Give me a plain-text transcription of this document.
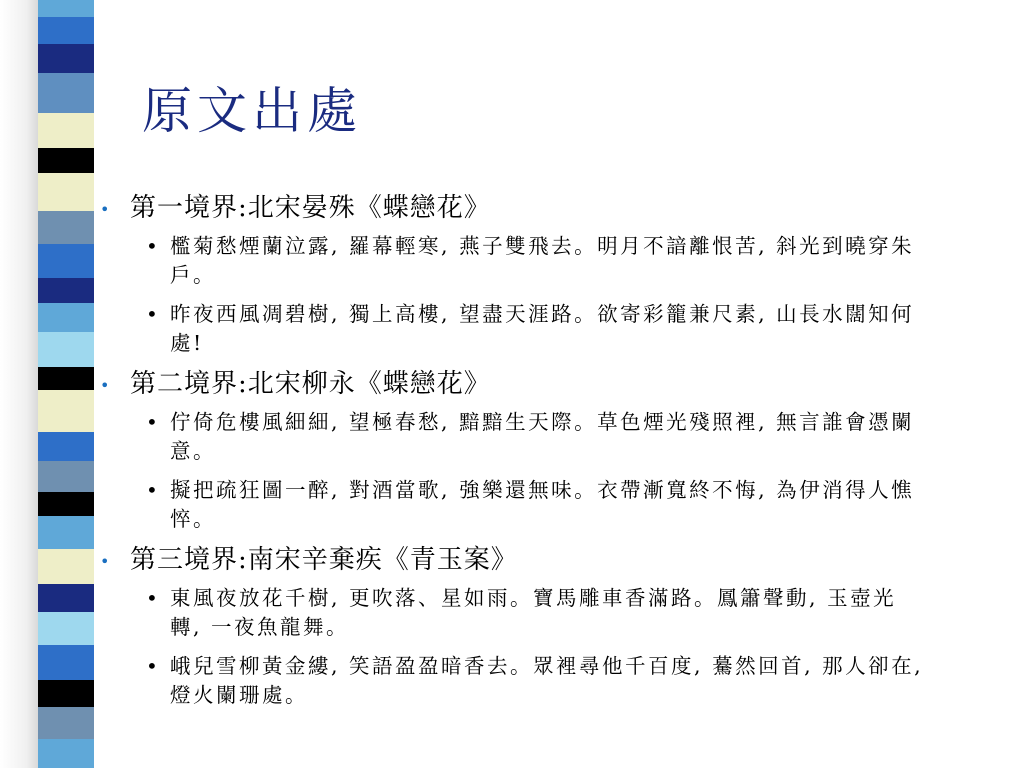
原文出處
• 第一境界:北宋晏殊《蝶戀花》
• 檻菊愁煙蘭泣露, 羅幕輕寒, 燕子雙飛去。明月不諳離恨苦, 斜光到曉穿朱戶。
• 昨夜西風凋碧樹, 獨上高樓, 望盡天涯路。欲寄彩籠兼尺素, 山長水闊知何處!
• 第二境界:北宋柳永《蝶戀花》
• 佇倚危樓風細細, 望極春愁, 黯黯生天際。草色煙光殘照裡, 無言誰會憑闌意。
• 擬把疏狂圖一醉, 對酒當歌, 強樂還無味。衣帶漸寬終不悔, 為伊消得人憔悴。
• 第三境界:南宋辛棄疾《青玉案》
• 東風夜放花千樹, 更吹落、星如雨。寶馬雕車香滿路。鳳簫聲動, 玉壺光轉, 一夜魚龍舞。
• 峨兒雪柳黃金縷, 笑語盈盈暗香去。眾裡尋他千百度, 驀然回首, 那人卻在, 燈火闌珊處。
